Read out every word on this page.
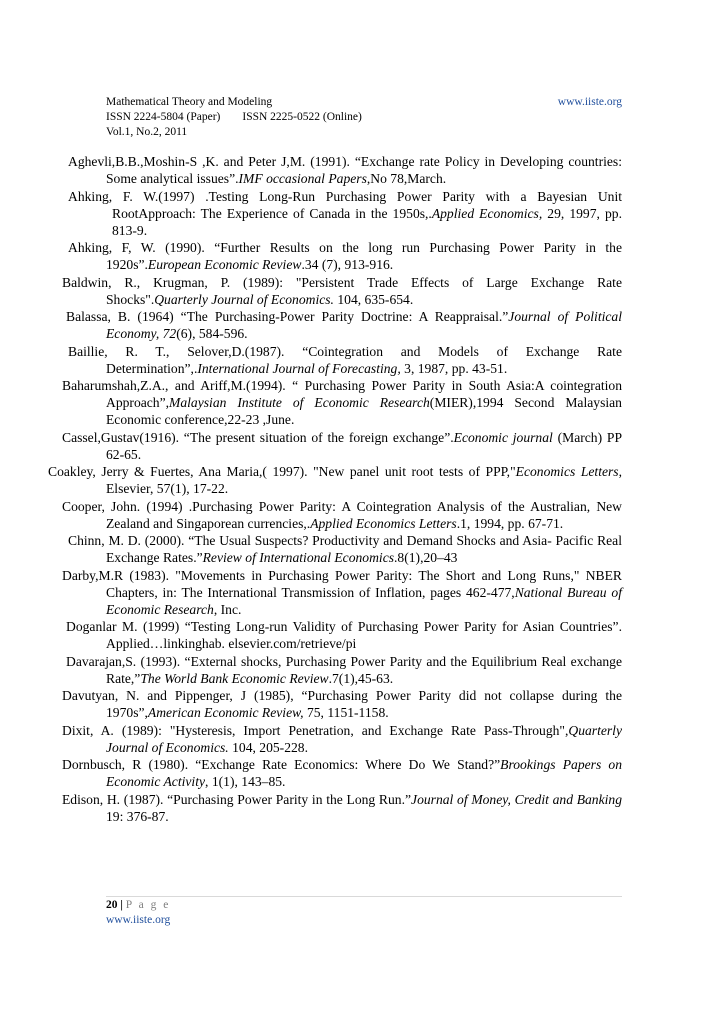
Mathematical Theory and Modeling	www.iiste.org
ISSN 2224-5804 (Paper) ISSN 2225-0522 (Online)
Vol.1, No.2, 2011

Aghevli,B.B.,Moshin-S ,K. and Peter J,M. (1991). “Exchange rate Policy in Developing countries: Some analytical issues”.IMF occasional Papers,No 78,March.

Ahking, F. W.(1997) .Testing Long-Run Purchasing Power Parity with a Bayesian Unit RootApproach: The Experience of Canada in the 1950s,.Applied Economics, 29, 1997, pp. 813-9.

Ahking, F, W. (1990). “Further Results on the long run Purchasing Power Parity in the 1920s”.European Economic Review.34 (7), 913-916.

Baldwin, R., Krugman, P. (1989): "Persistent Trade Effects of Large Exchange Rate Shocks".Quarterly Journal of Economics. 104, 635-654.

Balassa, B. (1964) “The Purchasing-Power Parity Doctrine: A Reappraisal.”Journal of Political Economy, 72(6), 584-596.

Baillie, R. T., Selover,D.(1987). “Cointegration and Models of Exchange Rate Determination”,.International Journal of Forecasting, 3, 1987, pp. 43-51.

Baharumshah,Z.A., and Ariff,M.(1994). “ Purchasing Power Parity in South Asia:A cointegration Approach”,Malaysian Institute of Economic Research(MIER),1994 Second Malaysian Economic conference,22-23 ,June.

Cassel,Gustav(1916). “The present situation of the foreign exchange”.Economic journal (March) PP 62-65.

Coakley, Jerry & Fuertes, Ana Maria,( 1997). "New panel unit root tests of PPP,"Economics Letters, Elsevier, 57(1), 17-22.

Cooper, John. (1994) .Purchasing Power Parity: A Cointegration Analysis of the Australian, New Zealand and Singaporean currencies,.Applied Economics Letters.1, 1994, pp. 67-71.

Chinn, M. D. (2000). “The Usual Suspects? Productivity and Demand Shocks and Asia- Pacific Real Exchange Rates.”Review of International Economics.8(1),20–43

Darby,M.R (1983). "Movements in Purchasing Power Parity: The Short and Long Runs," NBER Chapters, in: The International Transmission of Inflation, pages 462-477,National Bureau of Economic Research, Inc.

Doganlar M. (1999) “Testing Long-run Validity of Purchasing Power Parity for Asian Countries”. Applied…linkinghab. elsevier.com/retrieve/pi

Davarajan,S. (1993). “External shocks, Purchasing Power Parity and the Equilibrium Real exchange Rate,”The World Bank Economic Review.7(1),45-63.

Davutyan, N. and Pippenger, J (1985), “Purchasing Power Parity did not collapse during the 1970s”,American Economic Review, 75, 1151-1158.

Dixit, A. (1989): "Hysteresis, Import Penetration, and Exchange Rate Pass-Through",Quarterly Journal of Economics. 104, 205-228.

Dornbusch, R (1980). “Exchange Rate Economics: Where Do We Stand?”Brookings Papers on Economic Activity, 1(1), 143–85.

Edison, H. (1987). “Purchasing Power Parity in the Long Run.”Journal of Money, Credit and Banking 19: 376-87.

20 | P a g e
www.iiste.org
